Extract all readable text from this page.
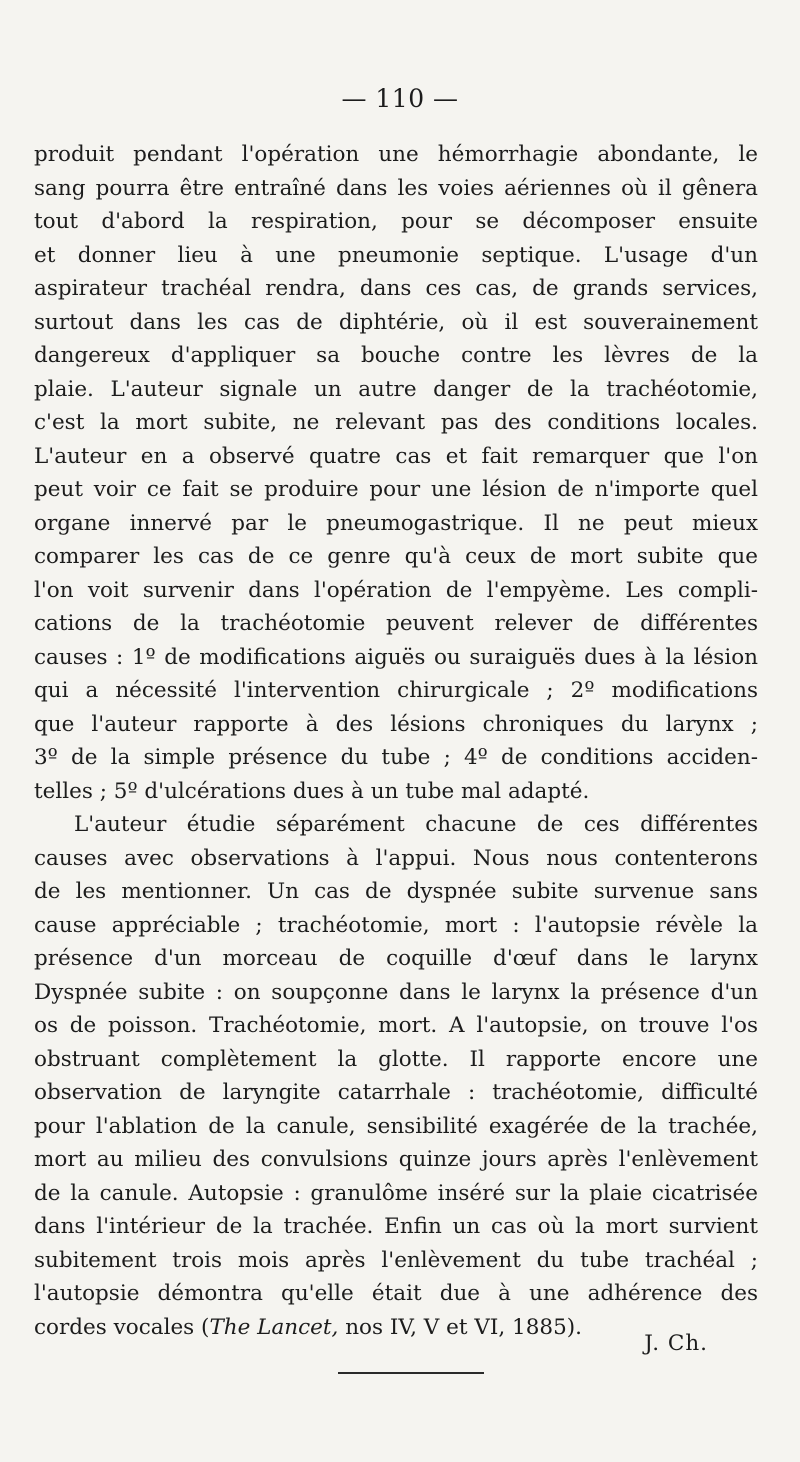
— 110 —
produit pendant l'opération une hémorrhagie abondante, le
sang pourra être entraîné dans les voies aériennes où il gênera
tout d'abord la respiration, pour se décomposer ensuite
et donner lieu à une pneumonie septique. L'usage d'un
aspirateur trachéal rendra, dans ces cas, de grands services,
surtout dans les cas de diphtérie, où il est souverainement
dangereux d'appliquer sa bouche contre les lèvres de la
plaie. L'auteur signale un autre danger de la trachéotomie,
c'est la mort subite, ne relevant pas des conditions locales.
L'auteur en a observé quatre cas et fait remarquer que l'on
peut voir ce fait se produire pour une lésion de n'importe quel
organe innervé par le pneumogastrique. Il ne peut mieux
comparer les cas de ce genre qu'à ceux de mort subite que
l'on voit survenir dans l'opération de l'empyème. Les compli-
cations de la trachéotomie peuvent relever de différentes
causes : 1º de modifications aiguës ou suraiguës dues à la lésion
qui a nécessité l'intervention chirurgicale ; 2º modifications
que l'auteur rapporte à des lésions chroniques du larynx ;
3º de la simple présence du tube ; 4º de conditions acciden-
telles ; 5º d'ulcérations dues à un tube mal adapté.
L'auteur étudie séparément chacune de ces différentes
causes avec observations à l'appui. Nous nous contenterons
de les mentionner. Un cas de dyspnée subite survenue sans
cause appréciable ; trachéotomie, mort : l'autopsie révèle la
présence d'un morceau de coquille d'œuf dans le larynx
Dyspnée subite : on soupçonne dans le larynx la présence d'un
os de poisson. Trachéotomie, mort. A l'autopsie, on trouve l'os
obstruant complètement la glotte. Il rapporte encore une
observation de laryngite catarrhale : trachéotomie, difficulté
pour l'ablation de la canule, sensibilité exagérée de la trachée,
mort au milieu des convulsions quinze jours après l'enlèvement
de la canule. Autopsie : granulôme inséré sur la plaie cicatrisée
dans l'intérieur de la trachée. Enfin un cas où la mort survient
subitement trois mois après l'enlèvement du tube trachéal ;
l'autopsie démontra qu'elle était due à une adhérence des
cordes vocales (The Lancet, nos IV, V et VI, 1885).
J. Ch.
